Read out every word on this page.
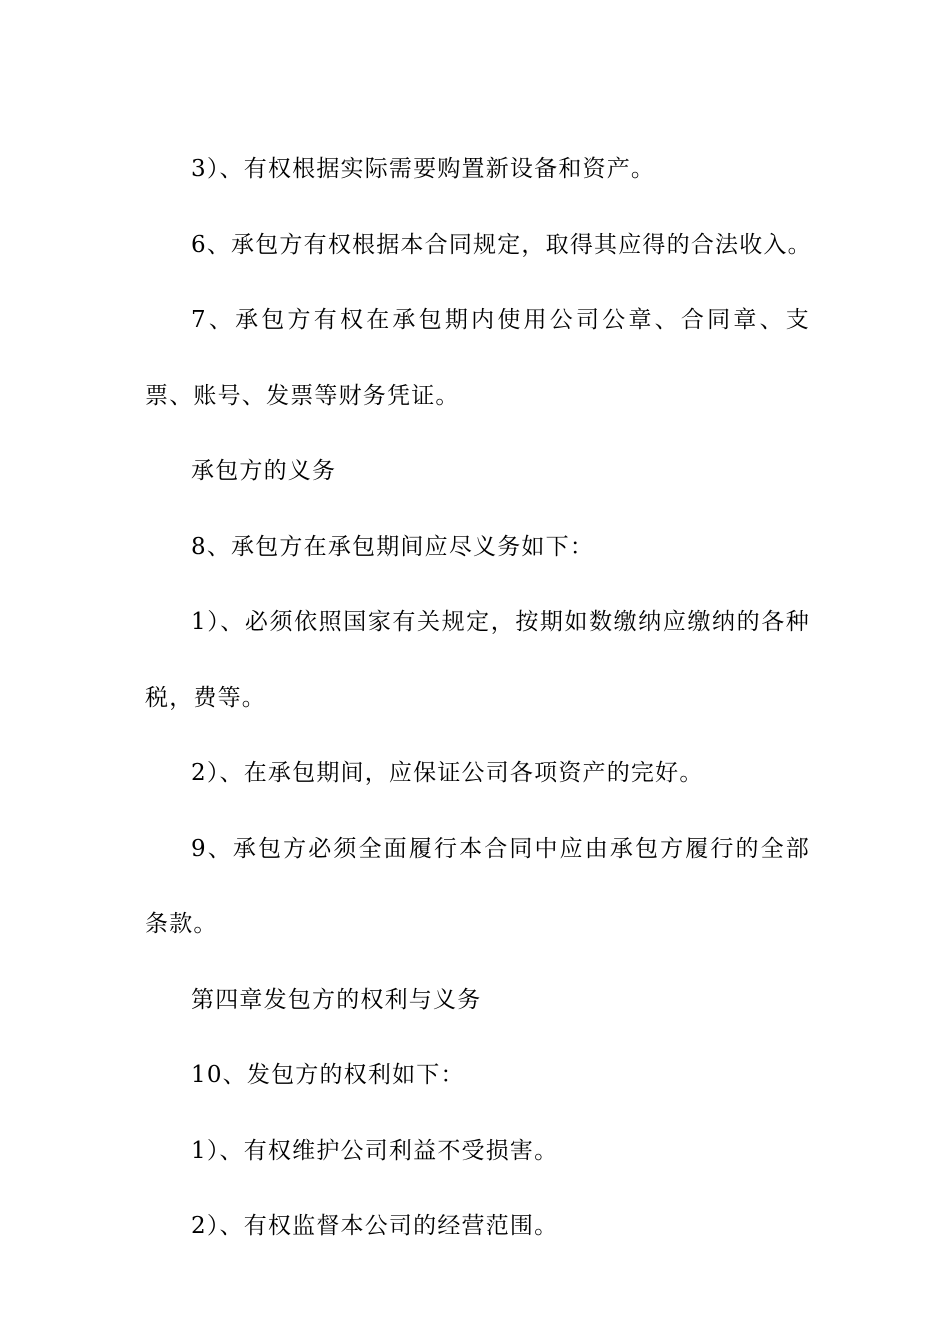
3）、有权根据实际需要购置新设备和资产。

6、承包方有权根据本合同规定，取得其应得的合法收入。

7、承包方有权在承包期内使用公司公章、合同章、支票、账号、发票等财务凭证。

承包方的义务

8、承包方在承包期间应尽义务如下：

1）、必须依照国家有关规定，按期如数缴纳应缴纳的各种税，费等。

2）、在承包期间，应保证公司各项资产的完好。

9、承包方必须全面履行本合同中应由承包方履行的全部条款。

第四章发包方的权利与义务

10、发包方的权利如下：

1）、有权维护公司利益不受损害。

2）、有权监督本公司的经营范围。
